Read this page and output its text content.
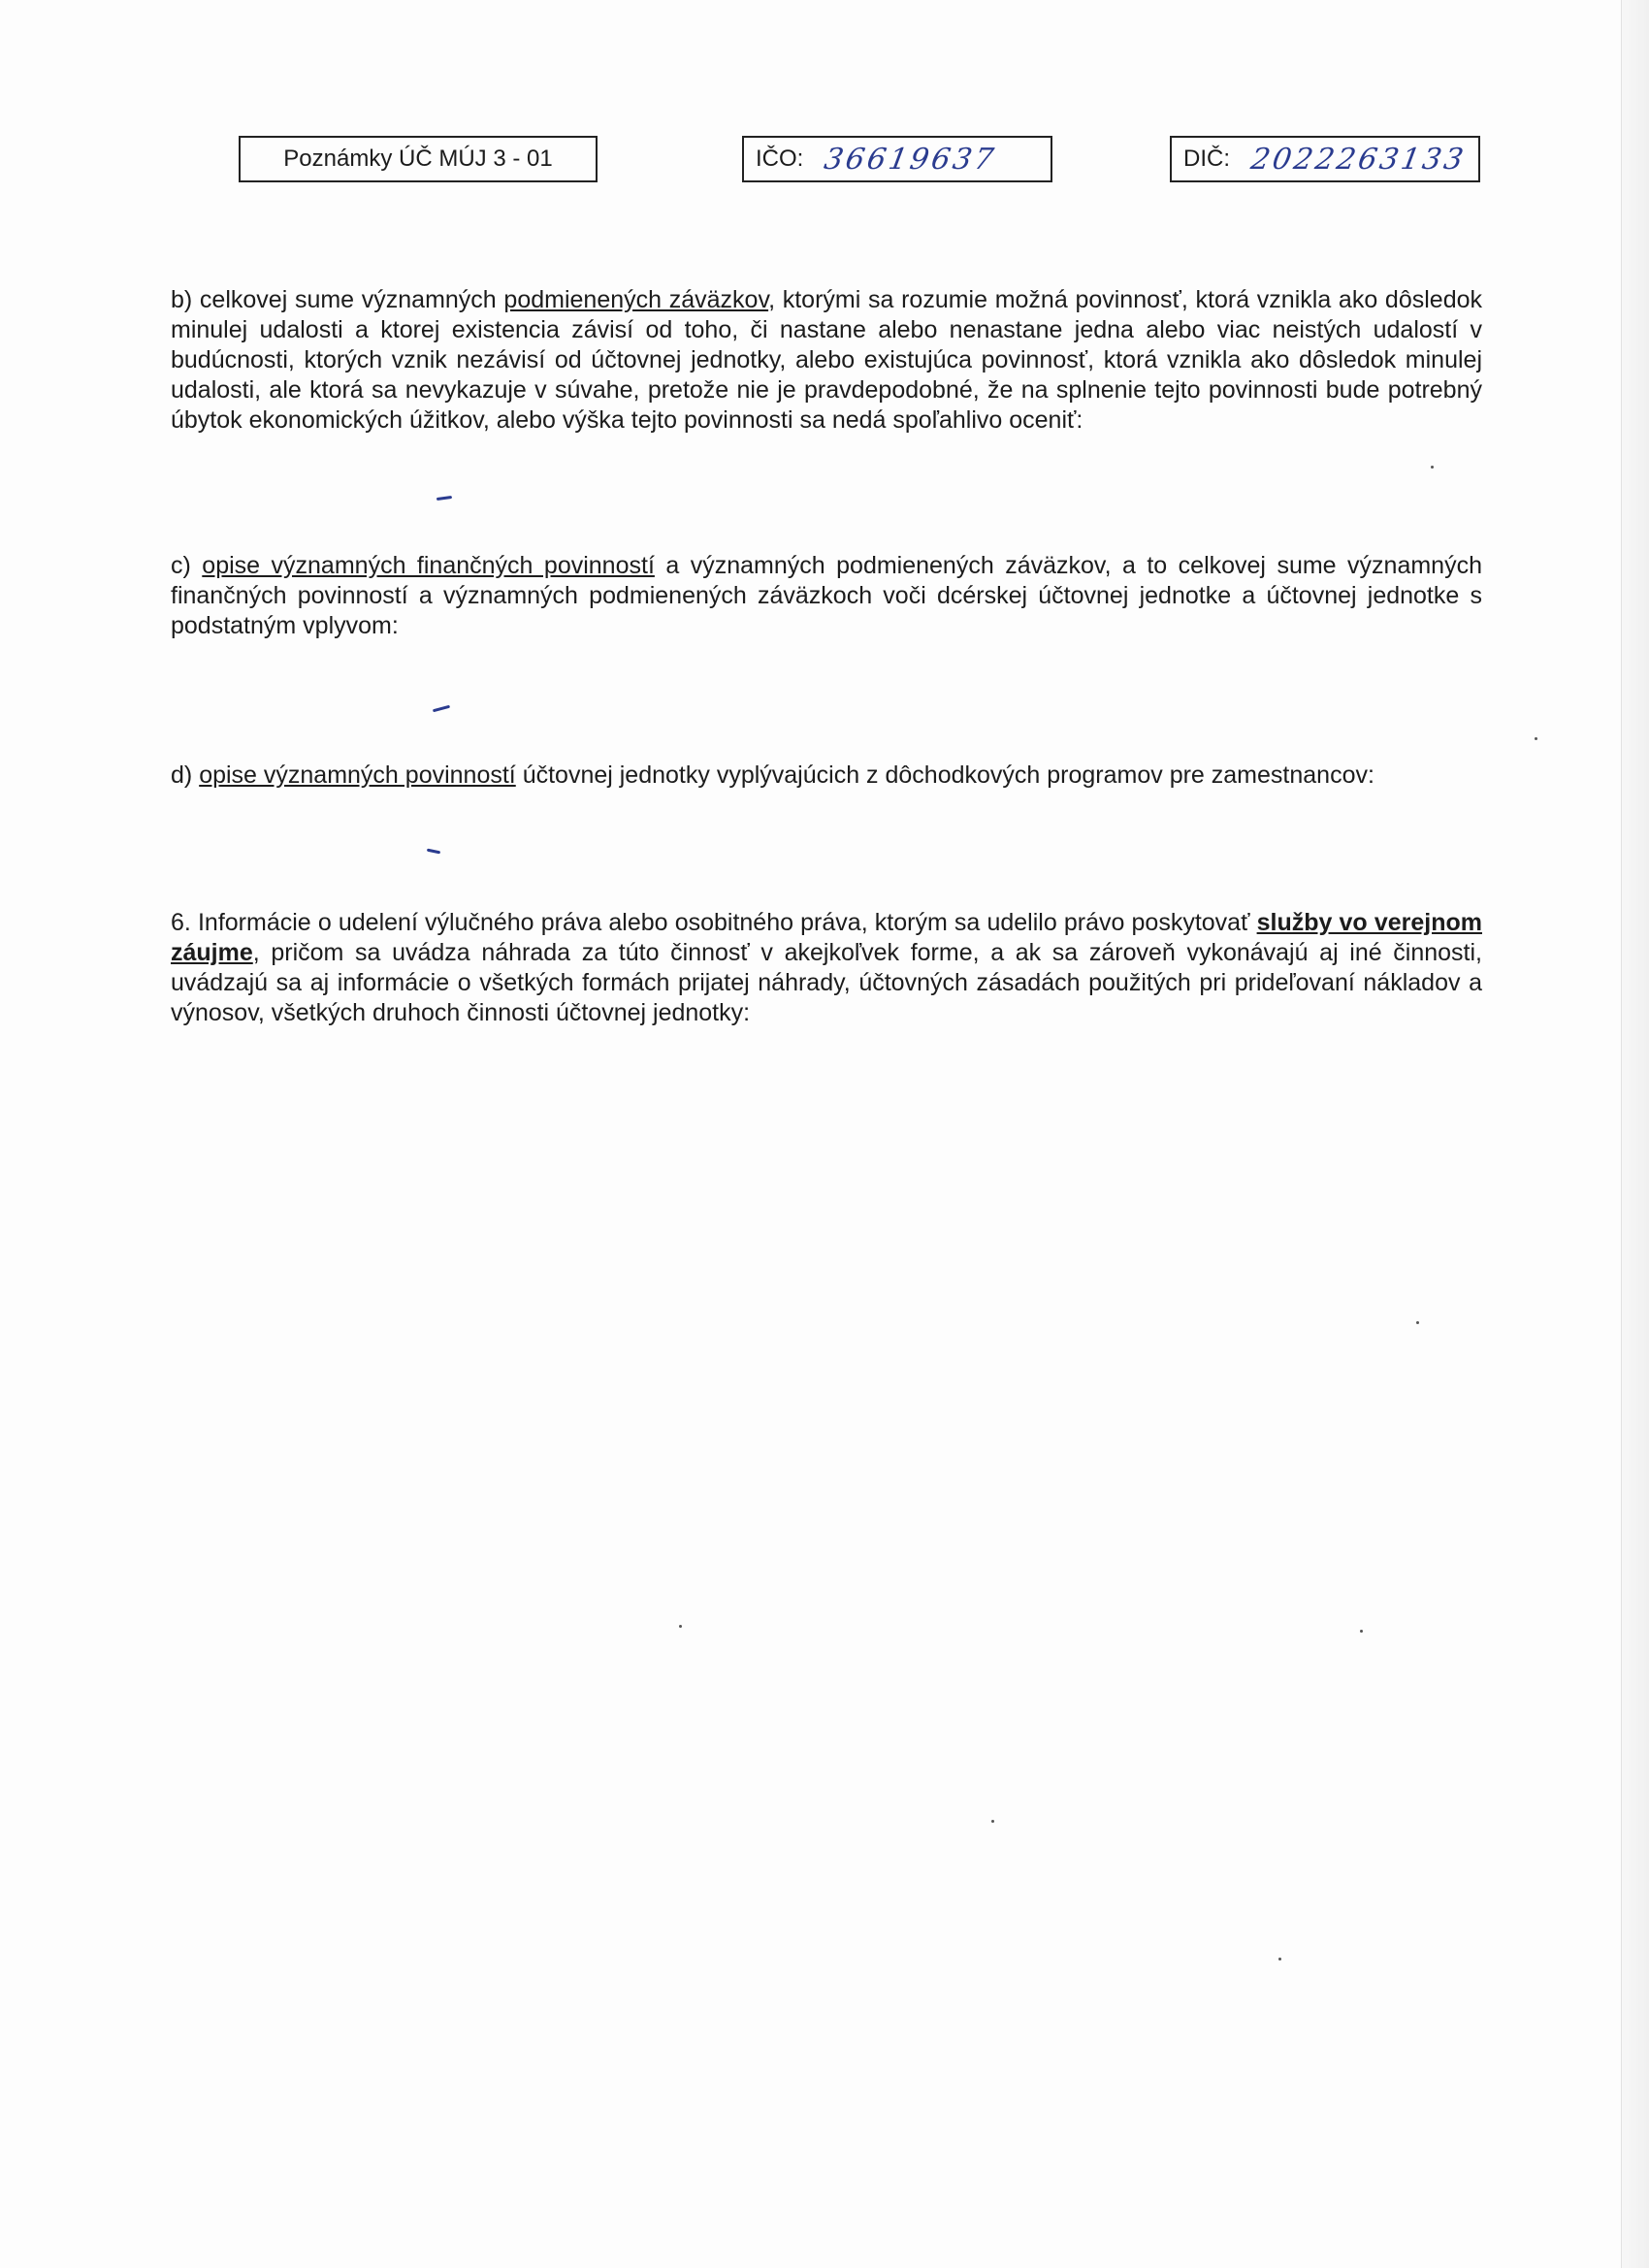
Poznámky ÚČ MÚJ 3 - 01	IČO: 36619637	DIČ: 2022263133

b) celkovej sume významných podmienených záväzkov, ktorými sa rozumie možná povinnosť, ktorá vznikla ako dôsledok minulej udalosti a ktorej existencia závisí od toho, či nastane alebo nenastane jedna alebo viac neistých udalostí v budúcnosti, ktorých vznik nezávisí od účtovnej jednotky, alebo existujúca povinnosť, ktorá vznikla ako dôsledok minulej udalosti, ale ktorá sa nevykazuje v súvahe, pretože nie je pravdepodobné, že na splnenie tejto povinnosti bude potrebný úbytok ekonomických úžitkov, alebo výška tejto povinnosti sa nedá spoľahlivo oceniť:

c) opise významných finančných povinností a významných podmienených záväzkov, a to celkovej sume významných finančných povinností a významných podmienených záväzkoch voči dcérskej účtovnej jednotke a účtovnej jednotke s podstatným vplyvom:

d) opise významných povinností účtovnej jednotky vyplývajúcich z dôchodkových programov pre zamestnancov:

6. Informácie o udelení výlučného práva alebo osobitného práva, ktorým sa udelilo právo poskytovať služby vo verejnom záujme, pričom sa uvádza náhrada za túto činnosť v akejkoľvek forme, a ak sa zároveň vykonávajú aj iné činnosti, uvádzajú sa aj informácie o všetkých formách prijatej náhrady, účtovných zásadách použitých pri prideľovaní nákladov a výnosov, všetkých druhoch činnosti účtovnej jednotky:
